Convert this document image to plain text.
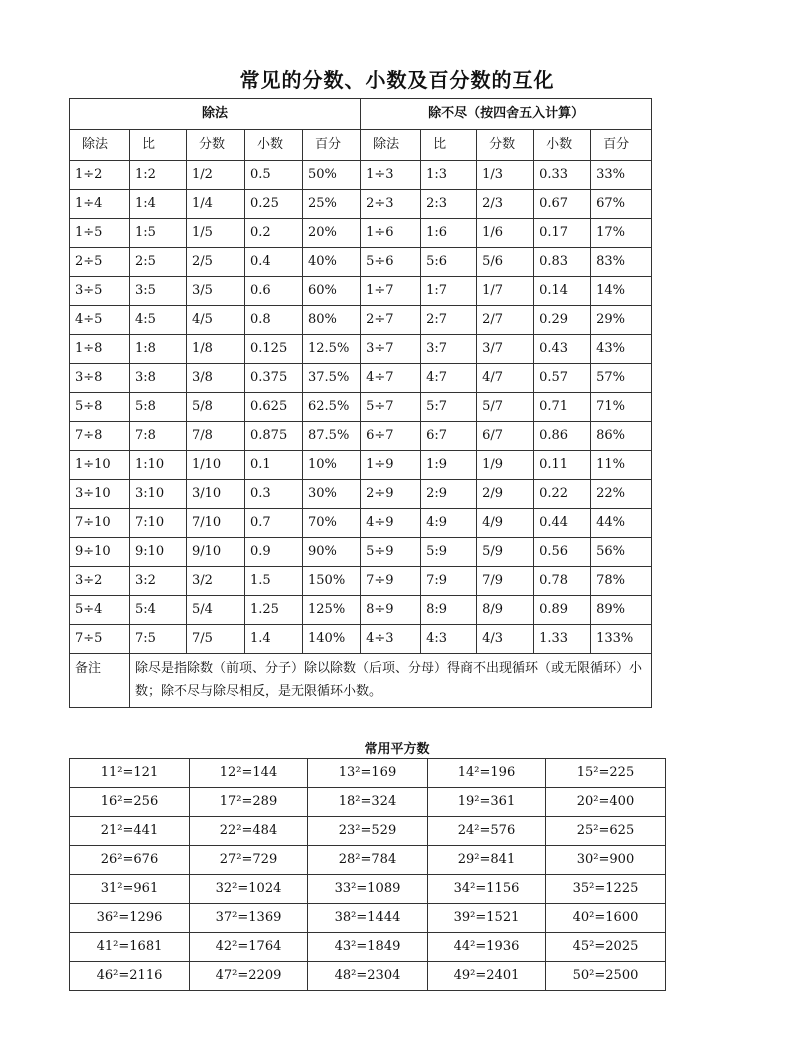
常见的分数、小数及百分数的互化
除法					除不尽（按四舍五入计算）				
除法	比	分数	小数	百分	除法	比	分数	小数	百分
1÷2	1:2	1/2	0.5	50%	1÷3	1:3	1/3	0.33	33%
1÷4	1:4	1/4	0.25	25%	2÷3	2:3	2/3	0.67	67%
1÷5	1:5	1/5	0.2	20%	1÷6	1:6	1/6	0.17	17%
2÷5	2:5	2/5	0.4	40%	5÷6	5:6	5/6	0.83	83%
3÷5	3:5	3/5	0.6	60%	1÷7	1:7	1/7	0.14	14%
4÷5	4:5	4/5	0.8	80%	2÷7	2:7	2/7	0.29	29%
1÷8	1:8	1/8	0.125	12.5%	3÷7	3:7	3/7	0.43	43%
3÷8	3:8	3/8	0.375	37.5%	4÷7	4:7	4/7	0.57	57%
5÷8	5:8	5/8	0.625	62.5%	5÷7	5:7	5/7	0.71	71%
7÷8	7:8	7/8	0.875	87.5%	6÷7	6:7	6/7	0.86	86%
1÷10	1:10	1/10	0.1	10%	1÷9	1:9	1/9	0.11	11%
3÷10	3:10	3/10	0.3	30%	2÷9	2:9	2/9	0.22	22%
7÷10	7:10	7/10	0.7	70%	4÷9	4:9	4/9	0.44	44%
9÷10	9:10	9/10	0.9	90%	5÷9	5:9	5/9	0.56	56%
3÷2	3:2	3/2	1.5	150%	7÷9	7:9	7/9	0.78	78%
5÷4	5:4	5/4	1.25	125%	8÷9	8:9	8/9	0.89	89%
7÷5	7:5	7/5	1.4	140%	4÷3	4:3	4/3	1.33	133%
备注	除尽是指除数（前项、分子）除以除数（后项、分母）得商不出现循环（或无限循环）小数；除不尽与除尽相反，是无限循环小数。								
常用平方数
11²=121	12²=144	13²=169	14²=196	15²=225
16²=256	17²=289	18²=324	19²=361	20²=400
21²=441	22²=484	23²=529	24²=576	25²=625
26²=676	27²=729	28²=784	29²=841	30²=900
31²=961	32²=1024	33²=1089	34²=1156	35²=1225
36²=1296	37²=1369	38²=1444	39²=1521	40²=1600
41²=1681	42²=1764	43²=1849	44²=1936	45²=2025
46²=2116	47²=2209	48²=2304	49²=2401	50²=2500
